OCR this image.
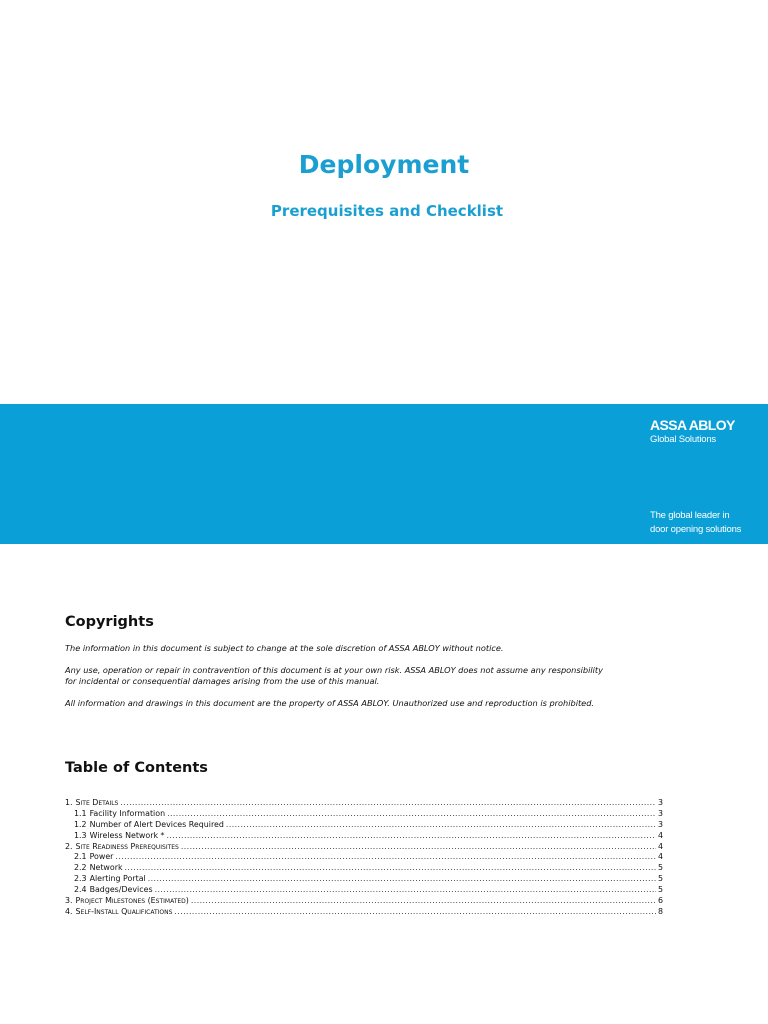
Deployment
Prerequisites and Checklist
ASSA ABLOY
Global Solutions
The global leader in
door opening solutions
Copyrights
The information in this document is subject to change at the sole discretion of ASSA ABLOY without notice.
Any use, operation or repair in contravention of this document is at your own risk. ASSA ABLOY does not assume any responsibility
for incidental or consequential damages arising from the use of this manual.
All information and drawings in this document are the property of ASSA ABLOY. Unauthorized use and reproduction is prohibited.
Table of Contents
1. Site Details .....	3
1.1 Facility Information .....	3
1.2 Number of Alert Devices Required .....	3
1.3 Wireless Network * .....	4
2. Site Readiness Prerequisites .....	4
2.1 Power .....	4
2.2 Network .....	5
2.3 Alerting Portal .....	5
2.4 Badges/Devices .....	5
3. Project Milestones (Estimated) .....	6
4. Self-Install Qualifications .....	8
